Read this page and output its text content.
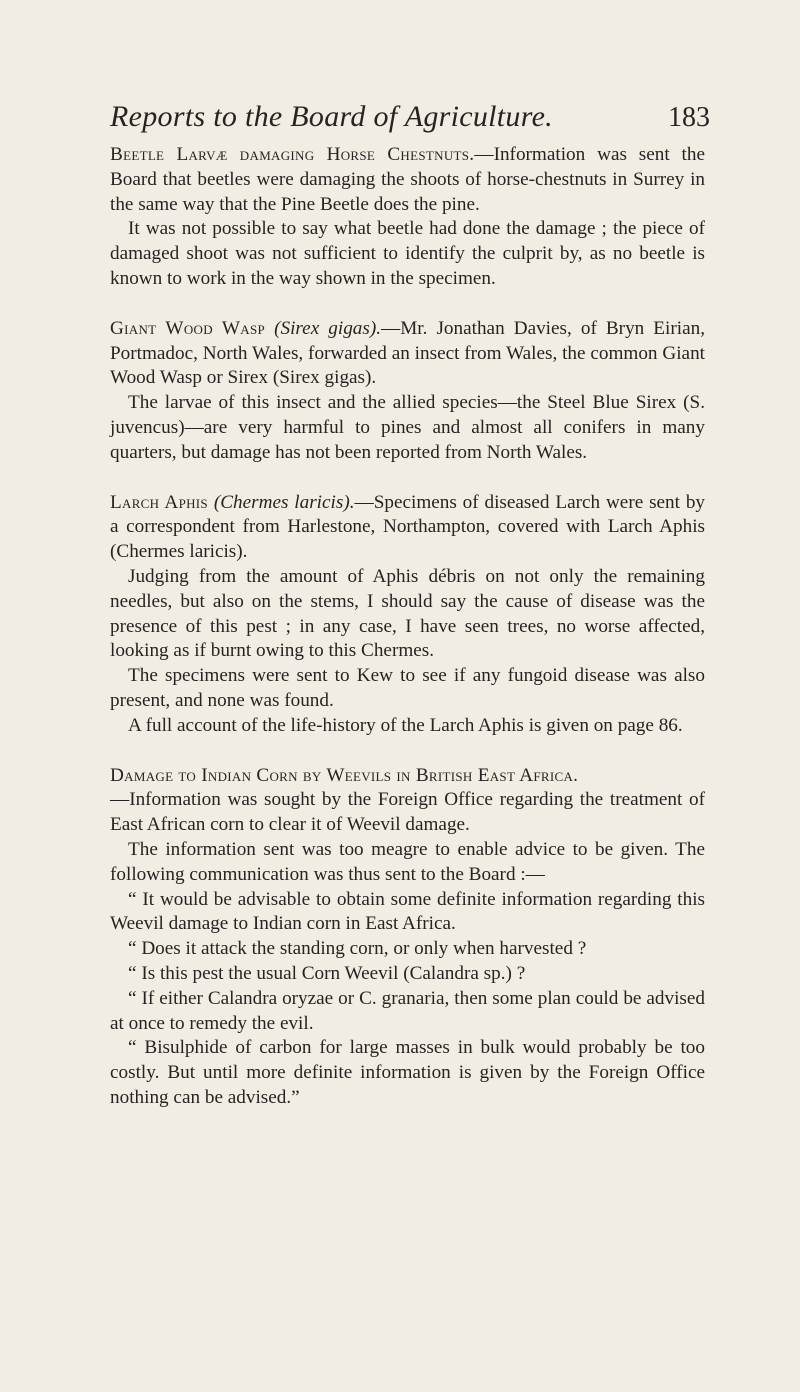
Reports to the Board of Agriculture.	183

Beetle Larvæ damaging Horse Chestnuts.—Information was sent the Board that beetles were damaging the shoots of horse-chestnuts in Surrey in the same way that the Pine Beetle does the pine.

It was not possible to say what beetle had done the damage ; the piece of damaged shoot was not sufficient to identify the culprit by, as no beetle is known to work in the way shown in the specimen.

Giant Wood Wasp (Sirex gigas).—Mr. Jonathan Davies, of Bryn Eirian, Portmadoc, North Wales, forwarded an insect from Wales, the common Giant Wood Wasp or Sirex (Sirex gigas).

The larvae of this insect and the allied species—the Steel Blue Sirex (S. juvencus)—are very harmful to pines and almost all conifers in many quarters, but damage has not been reported from North Wales.

Larch Aphis (Chermes laricis).—Specimens of diseased Larch were sent by a correspondent from Harlestone, Northampton, covered with Larch Aphis (Chermes laricis).

Judging from the amount of Aphis débris on not only the remaining needles, but also on the stems, I should say the cause of disease was the presence of this pest ; in any case, I have seen trees, no worse affected, looking as if burnt owing to this Chermes.

The specimens were sent to Kew to see if any fungoid disease was also present, and none was found.

A full account of the life-history of the Larch Aphis is given on page 86.

Damage to Indian Corn by Weevils in British East Africa.

—Information was sought by the Foreign Office regarding the treatment of East African corn to clear it of Weevil damage.

The information sent was too meagre to enable advice to be given. The following communication was thus sent to the Board :—

“ It would be advisable to obtain some definite information regarding this Weevil damage to Indian corn in East Africa.

“ Does it attack the standing corn, or only when harvested ?

“ Is this pest the usual Corn Weevil (Calandra sp.) ?

“ If either Calandra oryzae or C. granaria, then some plan could be advised at once to remedy the evil.

“ Bisulphide of carbon for large masses in bulk would probably be too costly. But until more definite information is given by the Foreign Office nothing can be advised.”
